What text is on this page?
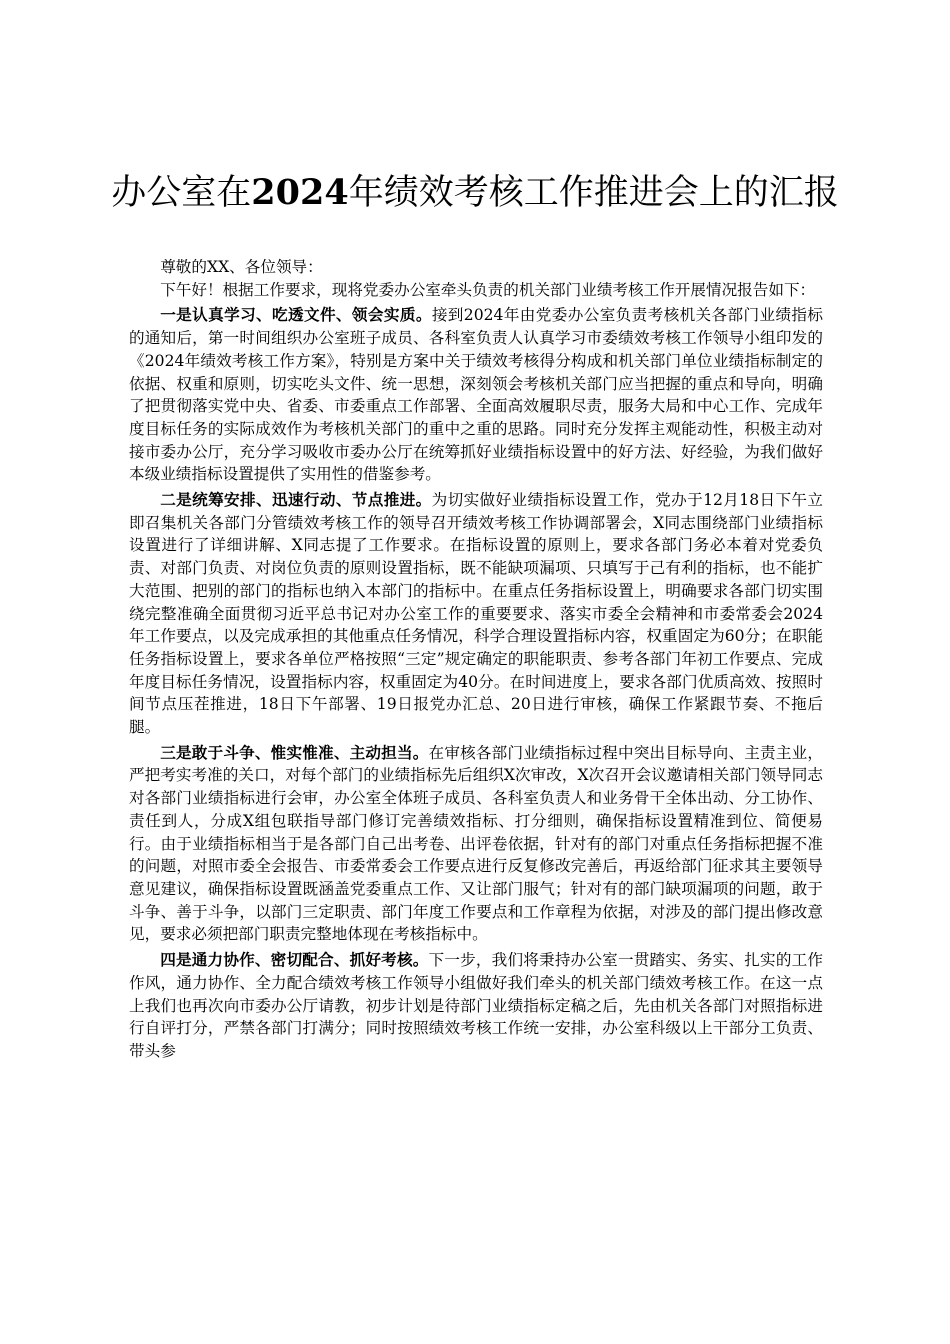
办公室在2024年绩效考核工作推进会上的汇报

尊敬的XX、各位领导：

下午好！根据工作要求，现将党委办公室牵头负责的机关部门业绩考核工作开展情况报告如下：

一是认真学习、吃透文件、领会实质。接到2024年由党委办公室负责考核机关各部门业绩指标的通知后，第一时间组织办公室班子成员、各科室负责人认真学习市委绩效考核工作领导小组印发的《2024年绩效考核工作方案》，特别是方案中关于绩效考核得分构成和机关部门单位业绩指标制定的依据、权重和原则，切实吃头文件、统一思想，深刻领会考核机关部门应当把握的重点和导向，明确了把贯彻落实党中央、省委、市委重点工作部署、全面高效履职尽责，服务大局和中心工作、完成年度目标任务的实际成效作为考核机关部门的重中之重的思路。同时充分发挥主观能动性，积极主动对接市委办公厅，充分学习吸收市委办公厅在统筹抓好业绩指标设置中的好方法、好经验，为我们做好本级业绩指标设置提供了实用性的借鉴参考。

二是统筹安排、迅速行动、节点推进。为切实做好业绩指标设置工作，党办于12月18日下午立即召集机关各部门分管绩效考核工作的领导召开绩效考核工作协调部署会，X同志围绕部门业绩指标设置进行了详细讲解、X同志提了工作要求。在指标设置的原则上，要求各部门务必本着对党委负责、对部门负责、对岗位负责的原则设置指标，既不能缺项漏项、只填写于己有利的指标，也不能扩大范围、把别的部门的指标也纳入本部门的指标中。在重点任务指标设置上，明确要求各部门切实围绕完整准确全面贯彻习近平总书记对办公室工作的重要要求、落实市委全会精神和市委常委会2024年工作要点，以及完成承担的其他重点任务情况，科学合理设置指标内容，权重固定为60分；在职能任务指标设置上，要求各单位严格按照“三定”规定确定的职能职责、参考各部门年初工作要点、完成年度目标任务情况，设置指标内容，权重固定为40分。在时间进度上，要求各部门优质高效、按照时间节点压茬推进，18日下午部署、19日报党办汇总、20日进行审核，确保工作紧跟节奏、不拖后腿。

三是敢于斗争、惟实惟准、主动担当。在审核各部门业绩指标过程中突出目标导向、主责主业，严把考实考准的关口，对每个部门的业绩指标先后组织X次审改，X次召开会议邀请相关部门领导同志对各部门业绩指标进行会审，办公室全体班子成员、各科室负责人和业务骨干全体出动、分工协作、责任到人，分成X组包联指导部门修订完善绩效指标、打分细则，确保指标设置精准到位、简便易行。由于业绩指标相当于是各部门自己出考卷、出评卷依据，针对有的部门对重点任务指标把握不准的问题，对照市委全会报告、市委常委会工作要点进行反复修改完善后，再返给部门征求其主要领导意见建议，确保指标设置既涵盖党委重点工作、又让部门服气；针对有的部门缺项漏项的问题，敢于斗争、善于斗争，以部门三定职责、部门年度工作要点和工作章程为依据，对涉及的部门提出修改意见，要求必须把部门职责完整地体现在考核指标中。

四是通力协作、密切配合、抓好考核。下一步，我们将秉持办公室一贯踏实、务实、扎实的工作作风，通力协作、全力配合绩效考核工作领导小组做好我们牵头的机关部门绩效考核工作。在这一点上我们也再次向市委办公厅请教，初步计划是待部门业绩指标定稿之后，先由机关各部门对照指标进行自评打分，严禁各部门打满分；同时按照绩效考核工作统一安排，办公室科级以上干部分工负责、带头参
